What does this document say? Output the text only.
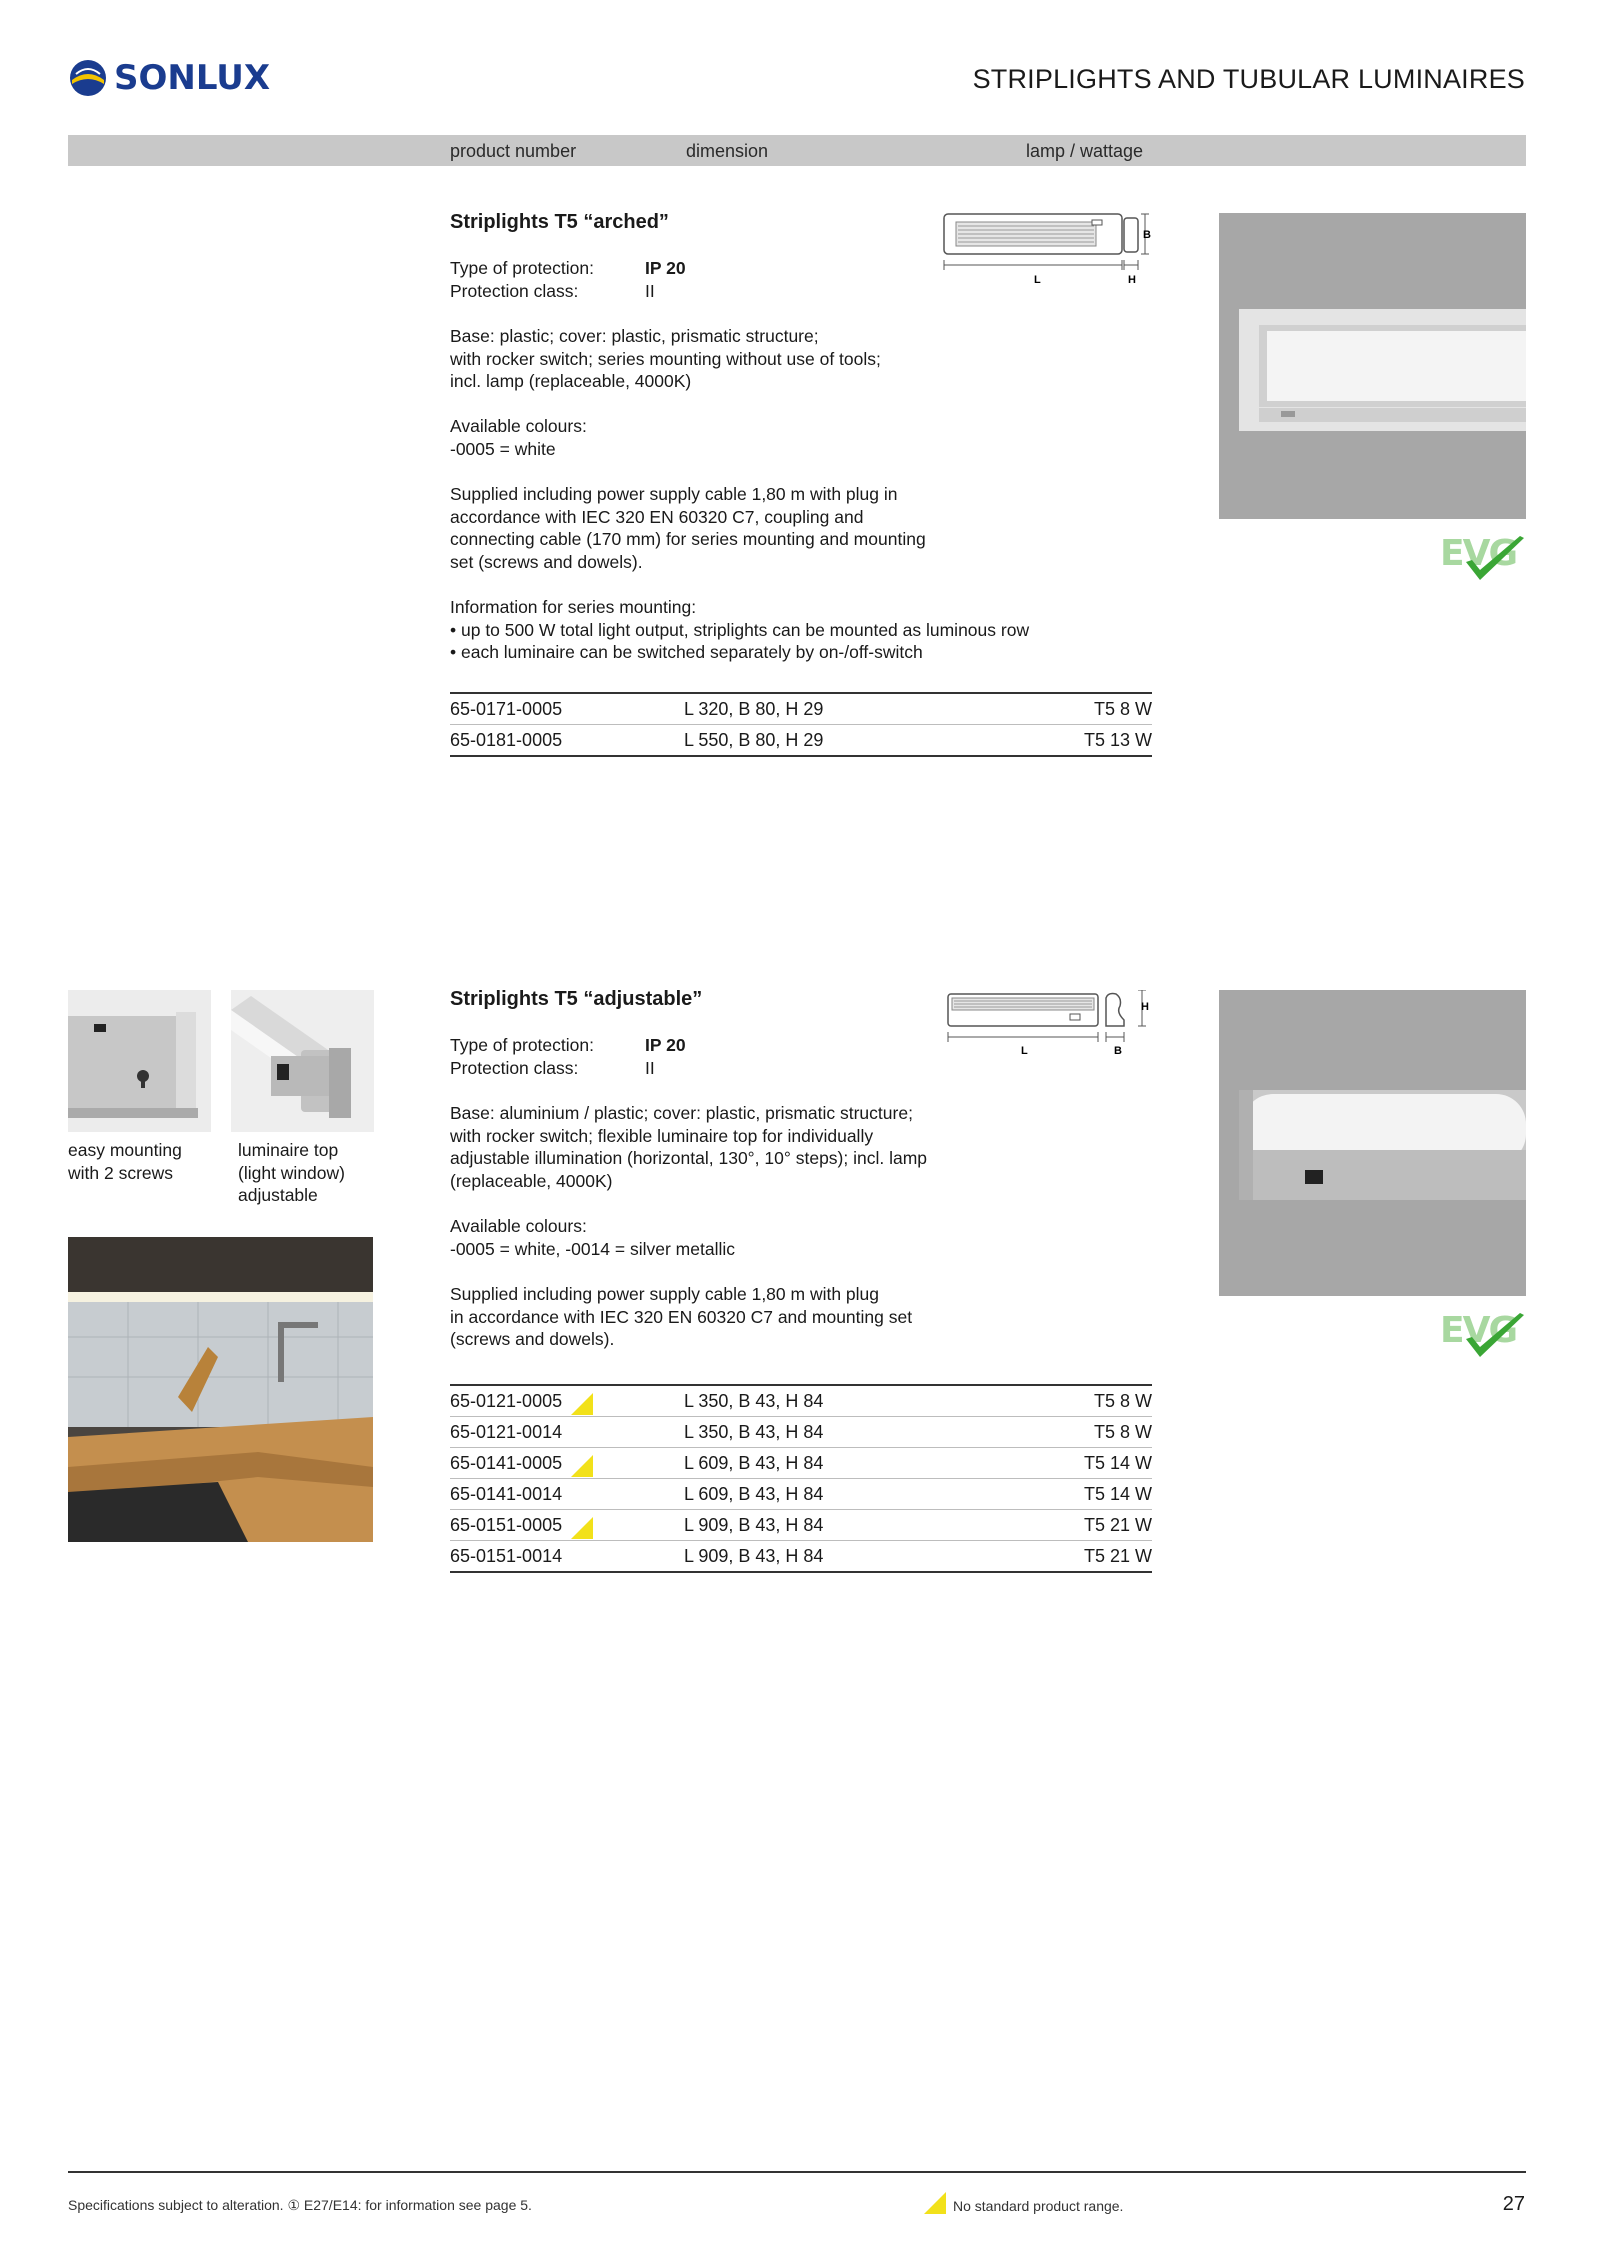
SONLUX	STRIPLIGHTS AND TUBULAR LUMINAIRES
product number	dimension	lamp / wattage
Striplights T5 “arched”
Type of protection:	IP 20
Protection class:	II

Base: plastic; cover: plastic, prismatic structure;

with rocker switch; series mounting without use of tools;

incl. lamp (replaceable, 4000K)

Available colours:

-0005 = white

Supplied including power supply cable 1,80 m with plug in

accordance with IEC 320 EN 60320 C7, coupling and

connecting cable (170 mm) for series mounting and mounting

set (screws and dowels).

Information for series mounting:

• up to 500 W total light output, striplights can be mounted as luminous row

• each luminaire can be switched separately by on-/off-switch

L	H
B
EVG
65-0171-0005	L 320, B 80, H 29	T5 8 W
65-0181-0005	L 550, B 80, H 29	T5 13 W
Striplights T5 “adjustable”
Type of protection:	IP 20
Protection class:	II

Base: aluminium / plastic; cover: plastic, prismatic structure;

with rocker switch; flexible luminaire top for individually

adjustable illumination (horizontal, 130°, 10° steps); incl. lamp

(replaceable, 4000K)

Available colours:

-0005 = white, -0014 = silver metallic

Supplied including power supply cable 1,80 m with plug

in accordance with IEC 320 EN 60320 C7 and mounting set

(screws and dowels).

L	B
H
easy mounting
with 2 screws
luminaire top
(light window)
adjustable
EVG
65-0121-0005	L 350, B 43, H 84	T5 8 W
65-0121-0014	L 350, B 43, H 84	T5 8 W
65-0141-0005	L 609, B 43, H 84	T5 14 W
65-0141-0014	L 609, B 43, H 84	T5 14 W
65-0151-0005	L 909, B 43, H 84	T5 21 W
65-0151-0014	L 909, B 43, H 84	T5 21 W
Specifications subject to alteration. ① E27/E14: for information see page 5.	No standard product range.	27
